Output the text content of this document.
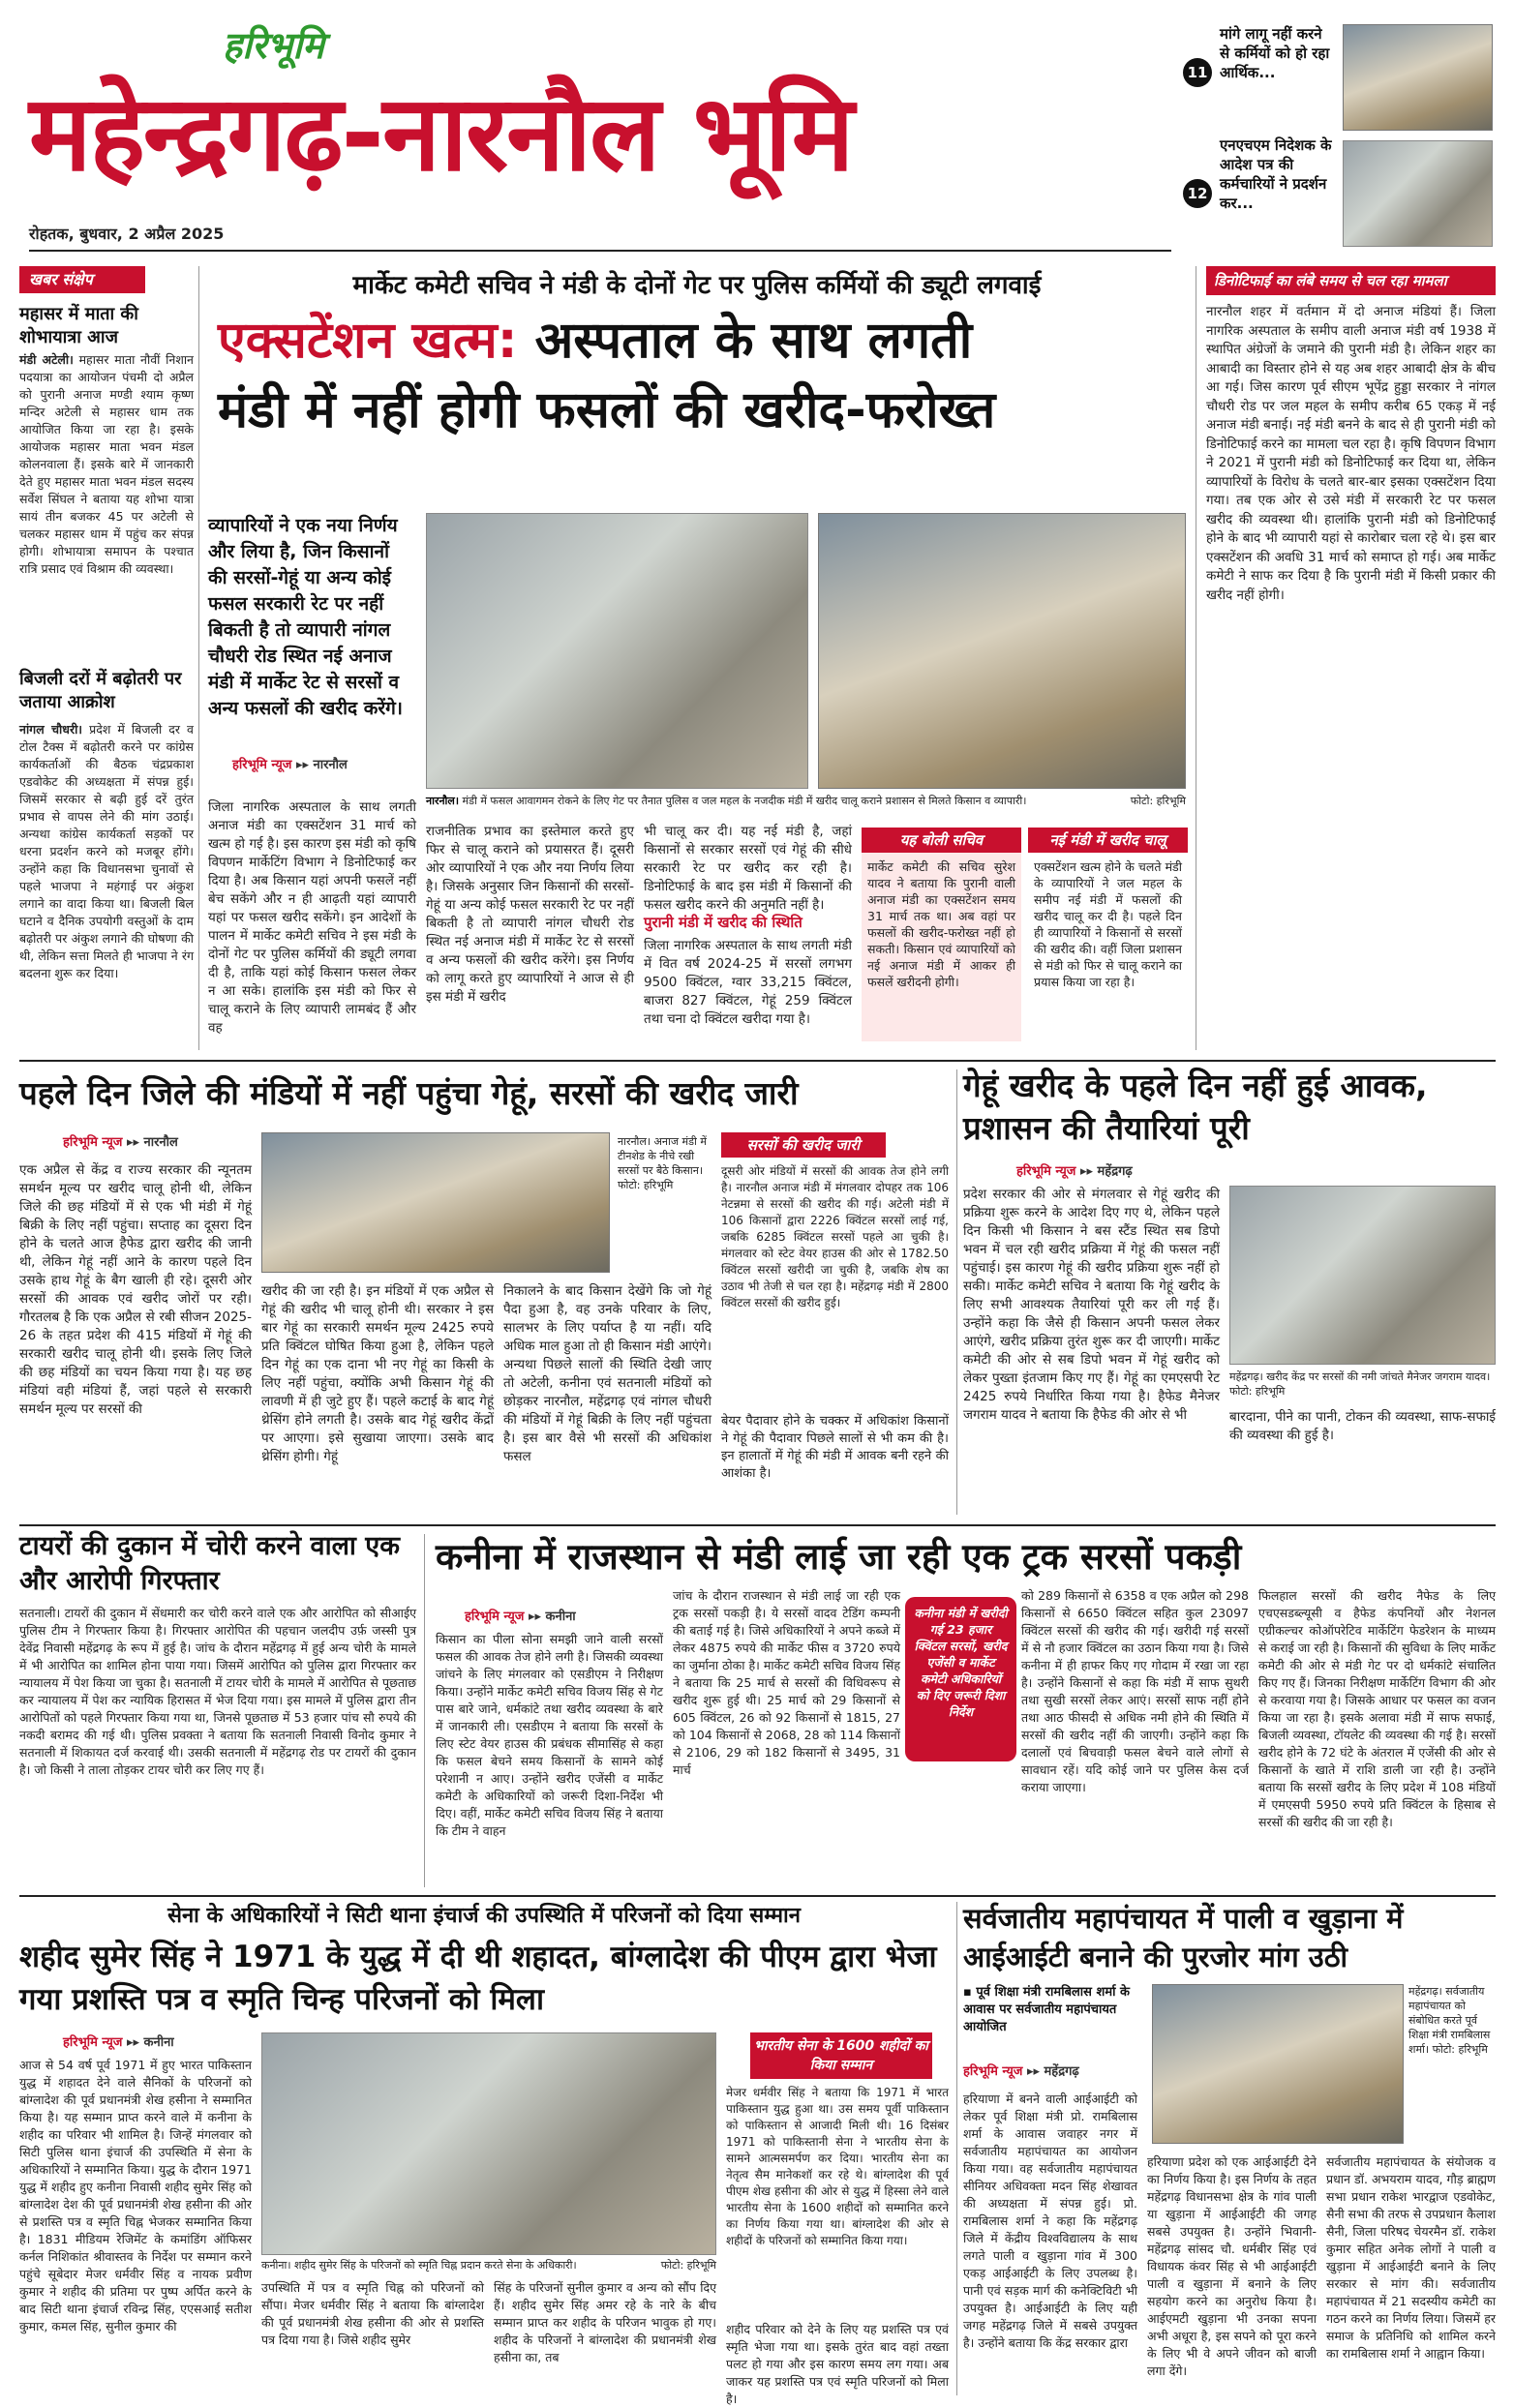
हरिभूमि
महेन्द्रगढ़-नारनौल भूमि
रोहतक, बुधवार, 2 अप्रैल 2025
11
मांगे लागू नहीं करने से कर्मियों को हो रहा आर्थिक...
12
एनएचएम निदेशक के आदेश पत्र की कर्मचारियों ने प्रदर्शन कर...
खबर संक्षेप
महासर में माता की शोभायात्रा आज
मंडी अटेली। महासर माता नौवीं निशान पदयात्रा का आयोजन पंचमी दो अप्रैल को पुरानी अनाज मण्डी श्याम कृष्ण मन्दिर अटेली से महासर धाम तक आयोजित किया जा रहा है। इसके आयोजक महासर माता भवन मंडल कोलनवाला हैं। इसके बारे में जानकारी देते हुए महासर माता भवन मंडल सदस्य सर्वेश सिंघल ने बताया यह शोभा यात्रा सायं तीन बजकर 45 पर अटेली से चलकर महासर धाम में पहुंच कर संपन्न होगी। शोभायात्रा समापन के पश्चात रात्रि प्रसाद एवं विश्राम की व्यवस्था।
बिजली दरों में बढ़ोतरी पर जताया आक्रोश
नांगल चौधरी। प्रदेश में बिजली दर व टोल टैक्स में बढ़ोतरी करने पर कांग्रेस कार्यकर्ताओं की बैठक चंद्रप्रकाश एडवोकेट की अध्यक्षता में संपन्न हुई। जिसमें सरकार से बढ़ी हुई दरें तुरंत प्रभाव से वापस लेने की मांग उठाई। अन्यथा कांग्रेस कार्यकर्ता सड़कों पर धरना प्रदर्शन करने को मजबूर होंगे। उन्होंने कहा कि विधानसभा चुनावों से पहले भाजपा ने महंगाई पर अंकुश लगाने का वादा किया था। बिजली बिल घटाने व दैनिक उपयोगी वस्तुओं के दाम बढ़ोतरी पर अंकुश लगाने की घोषणा की थी, लेकिन सत्ता मिलते ही भाजपा ने रंग बदलना शुरू कर दिया।
मार्केट कमेटी सचिव ने मंडी के दोनों गेट पर पुलिस कर्मियों की ड्यूटी लगवाई
एक्सटेंशन खत्म: अस्पताल के साथ लगती
मंडी में नहीं होगी फसलों की खरीद-फरोख्त
व्यापारियों ने एक नया निर्णय और लिया है, जिन किसानों की सरसों-गेहूं या अन्य कोई फसल सरकारी रेट पर नहीं बिकती है तो व्यापारी नांगल चौधरी रोड स्थित नई अनाज मंडी में मार्केट रेट से सरसों व अन्य फसलों की खरीद करेंगे।
हरिभूमि न्यूज ▸▸ नारनौल
नारनौल। मंडी में फसल आवागमन रोकने के लिए गेट पर तैनात पुलिस व जल महल के नजदीक मंडी में खरीद चालू कराने प्रशासन से मिलते किसान व व्यापारी।	फोटो: हरिभूमि
जिला नागरिक अस्पताल के साथ लगती अनाज मंडी का एक्सटेंशन 31 मार्च को खत्म हो गई है। इस कारण इस मंडी को कृषि विपणन मार्केटिंग विभाग ने डिनोटिफाई कर दिया है। अब किसान यहां अपनी फसलें नहीं बेच सकेंगे और न ही आढ़ती यहां व्यापारी यहां पर फसल खरीद सकेंगे। इन आदेशों के पालन में मार्केट कमेटी सचिव ने इस मंडी के दोनों गेट पर पुलिस कर्मियों की ड्यूटी लगवा दी है, ताकि यहां कोई किसान फसल लेकर न आ सके। हालांकि इस मंडी को फिर से चालू कराने के लिए व्यापारी लामबंद हैं और वह
राजनीतिक प्रभाव का इस्तेमाल करते हुए फिर से चालू कराने को प्रयासरत हैं। दूसरी ओर व्यापारियों ने एक और नया निर्णय लिया है। जिसके अनुसार जिन किसानों की सरसों-गेहूं या अन्य कोई फसल सरकारी रेट पर नहीं बिकती है तो व्यापारी नांगल चौधरी रोड स्थित नई अनाज मंडी में मार्केट रेट से सरसों व अन्य फसलों की खरीद करेंगे। इस निर्णय को लागू करते हुए व्यापारियों ने आज से ही इस मंडी में खरीद
भी चालू कर दी। यह नई मंडी है, जहां किसानों से सरकार सरसों एवं गेहूं की सीधे सरकारी रेट पर खरीद कर रही है। डिनोटिफाई के बाद इस मंडी में किसानों की फसल खरीद करने की अनुमति नहीं है।
पुरानी मंडी में खरीद की स्थिति
जिला नागरिक अस्पताल के साथ लगती मंडी में वित वर्ष 2024-25 में सरसों लगभग 9500 क्विंटल, ग्वार 33,215 क्विंटल, बाजरा 827 क्विंटल, गेहूं 259 क्विंटल तथा चना दो क्विंटल खरीदा गया है।
यह बोली सचिव
मार्केट कमेटी की सचिव सुरेश यादव ने बताया कि पुरानी वाली अनाज मंडी का एक्सटेंशन समय 31 मार्च तक था। अब वहां पर फसलों की खरीद-फरोख्त नहीं हो सकती। किसान एवं व्यापारियों को नई अनाज मंडी में आकर ही फसलें खरीदनी होगी।
नई मंडी में खरीद चालू
एक्सटेंशन खत्म होने के चलते मंडी के व्यापारियों ने जल महल के समीप नई मंडी में फसलों की खरीद चालू कर दी है। पहले दिन ही व्यापारियों ने किसानों से सरसों की खरीद की। वहीं जिला प्रशासन से मंडी को फिर से चालू कराने का प्रयास किया जा रहा है।
डिनोटिफाई का लंबे समय से चल रहा मामला
नारनौल शहर में वर्तमान में दो अनाज मंडियां हैं। जिला नागरिक अस्पताल के समीप वाली अनाज मंडी वर्ष 1938 में स्थापित अंग्रेजों के जमाने की पुरानी मंडी है। लेकिन शहर का आबादी का विस्तार होने से यह अब शहर आबादी क्षेत्र के बीच आ गई। जिस कारण पूर्व सीएम भूपेंद्र हुड्डा सरकार ने नांगल चौधरी रोड पर जल महल के समीप करीब 65 एकड़ में नई अनाज मंडी बनाई। नई मंडी बनने के बाद से ही पुरानी मंडी को डिनोटिफाई करने का मामला चल रहा है। कृषि विपणन विभाग ने 2021 में पुरानी मंडी को डिनोटिफाई कर दिया था, लेकिन व्यापारियों के विरोध के चलते बार-बार इसका एक्सटेंशन दिया गया। तब एक ओर से उसे मंडी में सरकारी रेट पर फसल खरीद की व्यवस्था थी। हालांकि पुरानी मंडी को डिनोटिफाई होने के बाद भी व्यापारी यहां से कारोबार चला रहे थे। इस बार एक्सटेंशन की अवधि 31 मार्च को समाप्त हो गई। अब मार्केट कमेटी ने साफ कर दिया है कि पुरानी मंडी में किसी प्रकार की खरीद नहीं होगी।
पहले दिन जिले की मंडियों में नहीं पहुंचा गेहूं, सरसों की खरीद जारी
हरिभूमि न्यूज ▸▸ नारनौल
एक अप्रैल से केंद्र व राज्य सरकार की न्यूनतम समर्थन मूल्य पर खरीद चालू होनी थी, लेकिन जिले की छह मंडियों में से एक भी मंडी में गेहूं बिक्री के लिए नहीं पहुंचा। सप्ताह का दूसरा दिन होने के चलते आज हैफेड द्वारा खरीद की जानी थी, लेकिन गेहूं नहीं आने के कारण पहले दिन उसके हाथ गेहूं के बैग खाली ही रहे। दूसरी ओर सरसों की आवक एवं खरीद जोरों पर रही। गौरतलब है कि एक अप्रैल से रबी सीजन 2025-26 के तहत प्रदेश की 415 मंडियों में गेहूं की सरकारी खरीद चालू होनी थी। इसके लिए जिले की छह मंडियों का चयन किया गया है। यह छह मंडियां वही मंडियां हैं, जहां पहले से सरकारी समर्थन मूल्य पर सरसों की
नारनौल। अनाज मंडी में टीनशेड के नीचे रखी सरसों पर बैठे किसान। फोटो: हरिभूमि
खरीद की जा रही है। इन मंडियों में एक अप्रैल से गेहूं की खरीद भी चालू होनी थी। सरकार ने इस बार गेहूं का सरकारी समर्थन मूल्य 2425 रुपये प्रति क्विंटल घोषित किया हुआ है, लेकिन पहले दिन गेहूं का एक दाना भी नए गेहूं का किसी के लिए नहीं पहुंचा, क्योंकि अभी किसान गेहूं की लावणी में ही जुटे हुए हैं। पहले कटाई के बाद गेहूं थ्रेसिंग होने लगती है। उसके बाद गेहूं खरीद केंद्रों पर आएगा। इसे सुखाया जाएगा। उसके बाद थ्रेसिंग होगी। गेहूं
निकालने के बाद किसान देखेंगे कि जो गेहूं पैदा हुआ है, वह उनके परिवार के लिए, सालभर के लिए पर्याप्त है या नहीं। यदि अधिक माल हुआ तो ही किसान मंडी आएंगे। अन्यथा पिछले सालों की स्थिति देखी जाए तो अटेली, कनीना एवं सतनाली मंडियों को छोड़कर नारनौल, महेंद्रगढ़ एवं नांगल चौधरी की मंडियों में गेहूं बिक्री के लिए नहीं पहुंचता है। इस बार वैसे भी सरसों की अधिकांश फसल
सरसों की खरीद जारी
दूसरी ओर मंडियों में सरसों की आवक तेज होने लगी है। नारनौल अनाज मंडी में मंगलवार दोपहर तक 106 नेटन्नमा से सरसों की खरीद की गई। अटेली मंडी में 106 किसानों द्वारा 2226 क्विंटल सरसों लाई गई, जबकि 6285 क्विंटल सरसों पहले आ चुकी है। मंगलवार को स्टेट वेयर हाउस की ओर से 1782.50 क्विंटल सरसों खरीदी जा चुकी है, जबकि शेष का उठाव भी तेजी से चल रहा है। महेंद्रगढ़ मंडी में 2800 क्विंटल सरसों की खरीद हुई।
बेयर पैदावार होने के चक्कर में अधिकांश किसानों ने गेहूं की पैदावार पिछले सालों से भी कम की है। इन हालातों में गेहूं की मंडी में आवक बनी रहने की आशंका है।
गेहूं खरीद के पहले दिन नहीं हुई आवक, प्रशासन की तैयारियां पूरी
हरिभूमि न्यूज ▸▸ महेंद्रगढ़
प्रदेश सरकार की ओर से मंगलवार से गेहूं खरीद की प्रक्रिया शुरू करने के आदेश दिए गए थे, लेकिन पहले दिन किसी भी किसान ने बस स्टैंड स्थित सब डिपो भवन में चल रही खरीद प्रक्रिया में गेहूं की फसल नहीं पहुंचाई। इस कारण गेहूं की खरीद प्रक्रिया शुरू नहीं हो सकी। मार्केट कमेटी सचिव ने बताया कि गेहूं खरीद के लिए सभी आवश्यक तैयारियां पूरी कर ली गई हैं। उन्होंने कहा कि जैसे ही किसान अपनी फसल लेकर आएंगे, खरीद प्रक्रिया तुरंत शुरू कर दी जाएगी। मार्केट कमेटी की ओर से सब डिपो भवन में गेहूं खरीद को लेकर पुख्ता इंतजाम किए गए हैं। गेहूं का एमएसपी रेट 2425 रुपये निर्धारित किया गया है। हैफेड मैनेजर जगराम यादव ने बताया कि हैफेड की ओर से भी
महेंद्रगढ़। खरीद केंद्र पर सरसों की नमी जांचते मैनेजर जगराम यादव। फोटो: हरिभूमि
बारदाना, पीने का पानी, टोकन की व्यवस्था, साफ-सफाई की व्यवस्था की हुई है।
टायरों की दुकान में चोरी करने वाला एक और आरोपी गिरफ्तार
सतनाली। टायरों की दुकान में सेंधमारी कर चोरी करने वाले एक और आरोपित को सीआईए पुलिस टीम ने गिरफ्तार किया है। गिरफ्तार आरोपित की पहचान जलदीप उर्फ़ जस्सी पुत्र देवेंद्र निवासी महेंद्रगढ़ के रूप में हुई है। जांच के दौरान महेंद्रगढ़ में हुई अन्य चोरी के मामले में भी आरोपित का शामिल होना पाया गया। जिसमें आरोपित को पुलिस द्वारा गिरफ्तार कर न्यायालय में पेश किया जा चुका है। सतनाली में टायर चोरी के मामले में आरोपित से पूछताछ कर न्यायालय में पेश कर न्यायिक हिरासत में भेज दिया गया। इस मामले में पुलिस द्वारा तीन आरोपितों को पहले गिरफ्तार किया गया था, जिनसे पूछताछ में 53 हजार पांच सौ रुपये की नकदी बरामद की गई थी। पुलिस प्रवक्ता ने बताया कि सतनाली निवासी विनोद कुमार ने सतनाली में शिकायत दर्ज करवाई थी। उसकी सतनाली में महेंद्रगढ़ रोड पर टायरों की दुकान है। जो किसी ने ताला तोड़कर टायर चोरी कर लिए गए हैं।
कनीना में राजस्थान से मंडी लाई जा रही एक ट्रक सरसों पकड़ी
हरिभूमि न्यूज ▸▸ कनीना
किसान का पीला सोना समझी जाने वाली सरसों फसल की आवक तेज होने लगी है। जिसकी व्यवस्था जांचने के लिए मंगलवार को एसडीएम ने निरीक्षण किया। उन्होंने मार्केट कमेटी सचिव विजय सिंह से गेट पास बारे जाने, धर्मकांटे तथा खरीद व्यवस्था के बारे में जानकारी ली। एसडीएम ने बताया कि सरसों के लिए स्टेट वेयर हाउस की प्रबंधक सीमासिंह से कहा कि फसल बेचने समय किसानों के सामने कोई परेशानी न आए। उन्होंने खरीद एजेंसी व मार्केट कमेटी के अधिकारियों को जरूरी दिशा-निर्देश भी दिए। वहीं, मार्केट कमेटी सचिव विजय सिंह ने बताया कि टीम ने वाहन
जांच के दौरान राजस्थान से मंडी लाई जा रही एक ट्रक सरसों पकड़ी है। ये सरसों वादव टेडिंग कम्पनी की बताई गई है। जिसे अधिकारियों ने अपने कब्जे में लेकर 4875 रुपये की मार्केट फीस व 3720 रुपये का जुर्माना ठोका है। मार्केट कमेटी सचिव विजय सिंह ने बताया कि 25 मार्च से सरसों की विधिवरूप से खरीद शुरू हुई थी। 25 मार्च को 29 किसानों से 605 क्विंटल, 26 को 92 किसानों से 1815, 27 को 104 किसानों से 2068, 28 को 114 किसानों से 2106, 29 को 182 किसानों से 3495, 31 मार्च
कनीना मंडी में खरीदी गई 23 हजार क्विंटल सरसों, खरीद एजेंसी व मार्केट कमेटी अधिकारियों को दिए जरूरी दिशा निर्देश
को 289 किसानों से 6358 व एक अप्रैल को 298 किसानों से 6650 क्विंटल सहित कुल 23097 क्विंटल सरसों की खरीद की गई। खरीदी गई सरसों में से नौ हजार क्विंटल का उठान किया गया है। जिसे कनीना में ही हाफर किए गए गोदाम में रखा जा रहा है। उन्होंने किसानों से कहा कि मंडी में साफ सुथरी तथा सुखी सरसों लेकर आएं। सरसों साफ नहीं होने तथा आठ फीसदी से अधिक नमी होने की स्थिति में सरसों की खरीद नहीं की जाएगी। उन्होंने कहा कि दलालों एवं बिचवाड़ी फसल बेचने वाले लोगों से सावधान रहें। यदि कोई जाने पर पुलिस केस दर्ज कराया जाएगा।
फिलहाल सरसों की खरीद नैफेड के लिए एचएसडब्ल्यूसी व हैफेड कंपनियों और नेशनल एग्रीकल्चर कोऑपरेटिव मार्केटिंग फेडरेशन के माध्यम से कराई जा रही है। किसानों की सुविधा के लिए मार्केट कमेटी की ओर से मंडी गेट पर दो धर्मकांटे संचालित किए गए हैं। जिनका निरीक्षण मार्केटिंग विभाग की ओर से करवाया गया है। जिसके आधार पर फसल का वजन किया जा रहा है। इसके अलावा मंडी में साफ सफाई, बिजली व्यवस्था, टॉयलेट की व्यवस्था की गई है। सरसों खरीद होने के 72 घंटे के अंतराल में एजेंसी की ओर से किसानों के खाते में राशि डाली जा रही है। उन्होंने बताया कि सरसों खरीद के लिए प्रदेश में 108 मंडियों में एमएसपी 5950 रुपये प्रति क्विंटल के हिसाब से सरसों की खरीद की जा रही है।
सेना के अधिकारियों ने सिटी थाना इंचार्ज की उपस्थिति में परिजनों को दिया सम्मान
शहीद सुमेर सिंह ने 1971 के युद्ध में दी थी शहादत, बांग्लादेश की पीएम द्वारा भेजा गया प्रशस्ति पत्र व स्मृति चिन्ह परिजनों को मिला
हरिभूमि न्यूज ▸▸ कनीना
आज से 54 वर्ष पूर्व 1971 में हुए भारत पाकिस्तान युद्ध में शहादत देने वाले सैनिकों के परिजनों को बांग्लादेश की पूर्व प्रधानमंत्री शेख हसीना ने सम्मानित किया है। यह सम्मान प्राप्त करने वाले में कनीना के शहीद का परिवार भी शामिल है। जिन्हें मंगलवार को सिटी पुलिस थाना इंचार्ज की उपस्थिति में सेना के अधिकारियों ने सम्मानित किया। युद्ध के दौरान 1971 युद्ध में शहीद हुए कनीना निवासी शहीद सुमेर सिंह को बांग्लादेश देश की पूर्व प्रधानमंत्री शेख हसीना की ओर से प्रशस्ति पत्र व स्मृति चिह्न भेजकर सम्मानित किया है। 1831 मीडियम रेजिमेंट के कमांडिंग ऑफिसर कर्नल निशिकांत श्रीवास्तव के निर्देश पर सम्मान करने पहुंचे सूबेदार मेजर धर्मवीर सिंह व नायक प्रवीण कुमार ने शहीद की प्रतिमा पर पुष्प अर्पित करने के बाद सिटी थाना इंचार्ज रविन्द्र सिंह, एएसआई सतीश कुमार, कमल सिंह, सुनील कुमार की
कनीना। शहीद सुमेर सिंह के परिजनों को स्मृति चिह्न प्रदान करते सेना के अधिकारी।	फोटो: हरिभूमि
उपस्थिति में पत्र व स्मृति चिह्न को परिजनों को सौंपा। मेजर धर्मवीर सिंह ने बताया कि बांग्लादेश की पूर्व प्रधानमंत्री शेख हसीना की ओर से प्रशस्ति पत्र दिया गया है। जिसे शहीद सुमेर
सिंह के परिजनों सुनील कुमार व अन्य को सौंप दिए हैं। शहीद सुमेर सिंह अमर रहे के नारे के बीच सम्मान प्राप्त कर शहीद के परिजन भावुक हो गए। शहीद के परिजनों ने बांग्लादेश की प्रधानमंत्री शेख हसीना का, तब
भारतीय सेना के 1600 शहीदों का किया सम्मान
मेजर धर्मवीर सिंह ने बताया कि 1971 में भारत पाकिस्तान युद्ध हुआ था। उस समय पूर्वी पाकिस्तान को पाकिस्तान से आजादी मिली थी। 16 दिसंबर 1971 को पाकिस्तानी सेना ने भारतीय सेना के सामने आत्मसमर्पण कर दिया। भारतीय सेना का नेतृत्व सैम मानेकशॉ कर रहे थे। बांग्लादेश की पूर्व पीएम शेख हसीना की ओर से युद्ध में हिस्सा लेने वाले भारतीय सेना के 1600 शहीदों को सम्मानित करने का निर्णय किया गया था। बांग्लादेश की ओर से शहीदों के परिजनों को सम्मानित किया गया।
शहीद परिवार को देने के लिए यह प्रशस्ति पत्र एवं स्मृति भेजा गया था। इसके तुरंत बाद वहां तख्ता पलट हो गया और इस कारण समय लग गया। अब जाकर यह प्रशस्ति पत्र एवं स्मृति परिजनों को मिला है।
सर्वजातीय महापंचायत में पाली व खुड़ाना में आईआईटी बनाने की पुरजोर मांग उठी
▪ पूर्व शिक्षा मंत्री रामबिलास शर्मा के आवास पर सर्वजातीय महापंचायत आयोजित
महेंद्रगढ़। सर्वजातीय महापंचायत को संबोधित करते पूर्व शिक्षा मंत्री रामबिलास शर्मा। फोटो: हरिभूमि
हरिभूमि न्यूज ▸▸ महेंद्रगढ़
हरियाणा में बनने वाली आईआईटी को लेकर पूर्व शिक्षा मंत्री प्रो. रामबिलास शर्मा के आवास जवाहर नगर में सर्वजातीय महापंचायत का आयोजन किया गया। वह सर्वजातीय महापंचायत सीनियर अधिवक्ता मदन सिंह शेखावत की अध्यक्षता में संपन्न हुई। प्रो. रामबिलास शर्मा ने कहा कि महेंद्रगढ़ जिले में केंद्रीय विश्वविद्यालय के साथ लगते पाली व खुड़ाना गांव में 300 एकड़ आईआईटी के लिए उपलब्ध है। पानी एवं सड़क मार्ग की कनेक्टिविटी भी उपयुक्त है। आईआईटी के लिए यही जगह महेंद्रगढ़ जिले में सबसे उपयुक्त है। उन्होंने बताया कि केंद्र सरकार द्वारा
हरियाणा प्रदेश को एक आईआईटी देने का निर्णय किया है। इस निर्णय के तहत महेंद्रगढ़ विधानसभा क्षेत्र के गांव पाली या खुड़ाना में आईआईटी की जगह सबसे उपयुक्त है। उन्होंने भिवानी-महेंद्रगढ़ सांसद चौ. धर्मबीर सिंह एवं विधायक कंवर सिंह से भी आईआईटी पाली व खुड़ाना में बनाने के लिए सहयोग करने का अनुरोध किया है। आईएमटी खुड़ाना भी उनका सपना अभी अधूरा है, इस सपने को पूरा करने के लिए भी वे अपने जीवन को बाजी लगा देंगे।
सर्वजातीय महापंचायत के संयोजक व प्रधान डॉ. अभयराम यादव, गौड़ ब्राह्मण सभा प्रधान राकेश भारद्वाज एडवोकेट, सैनी सभा की तरफ से उपप्रधान कैलाश सैनी, जिला परिषद चेयरमैन डॉ. राकेश कुमार सहित अनेक लोगों ने पाली व खुड़ाना में आईआईटी बनाने के लिए सरकार से मांग की। सर्वजातीय महापंचायत में 21 सदस्यीय कमेटी का गठन करने का निर्णय लिया। जिसमें हर समाज के प्रतिनिधि को शामिल करने का रामबिलास शर्मा ने आह्वान किया।
